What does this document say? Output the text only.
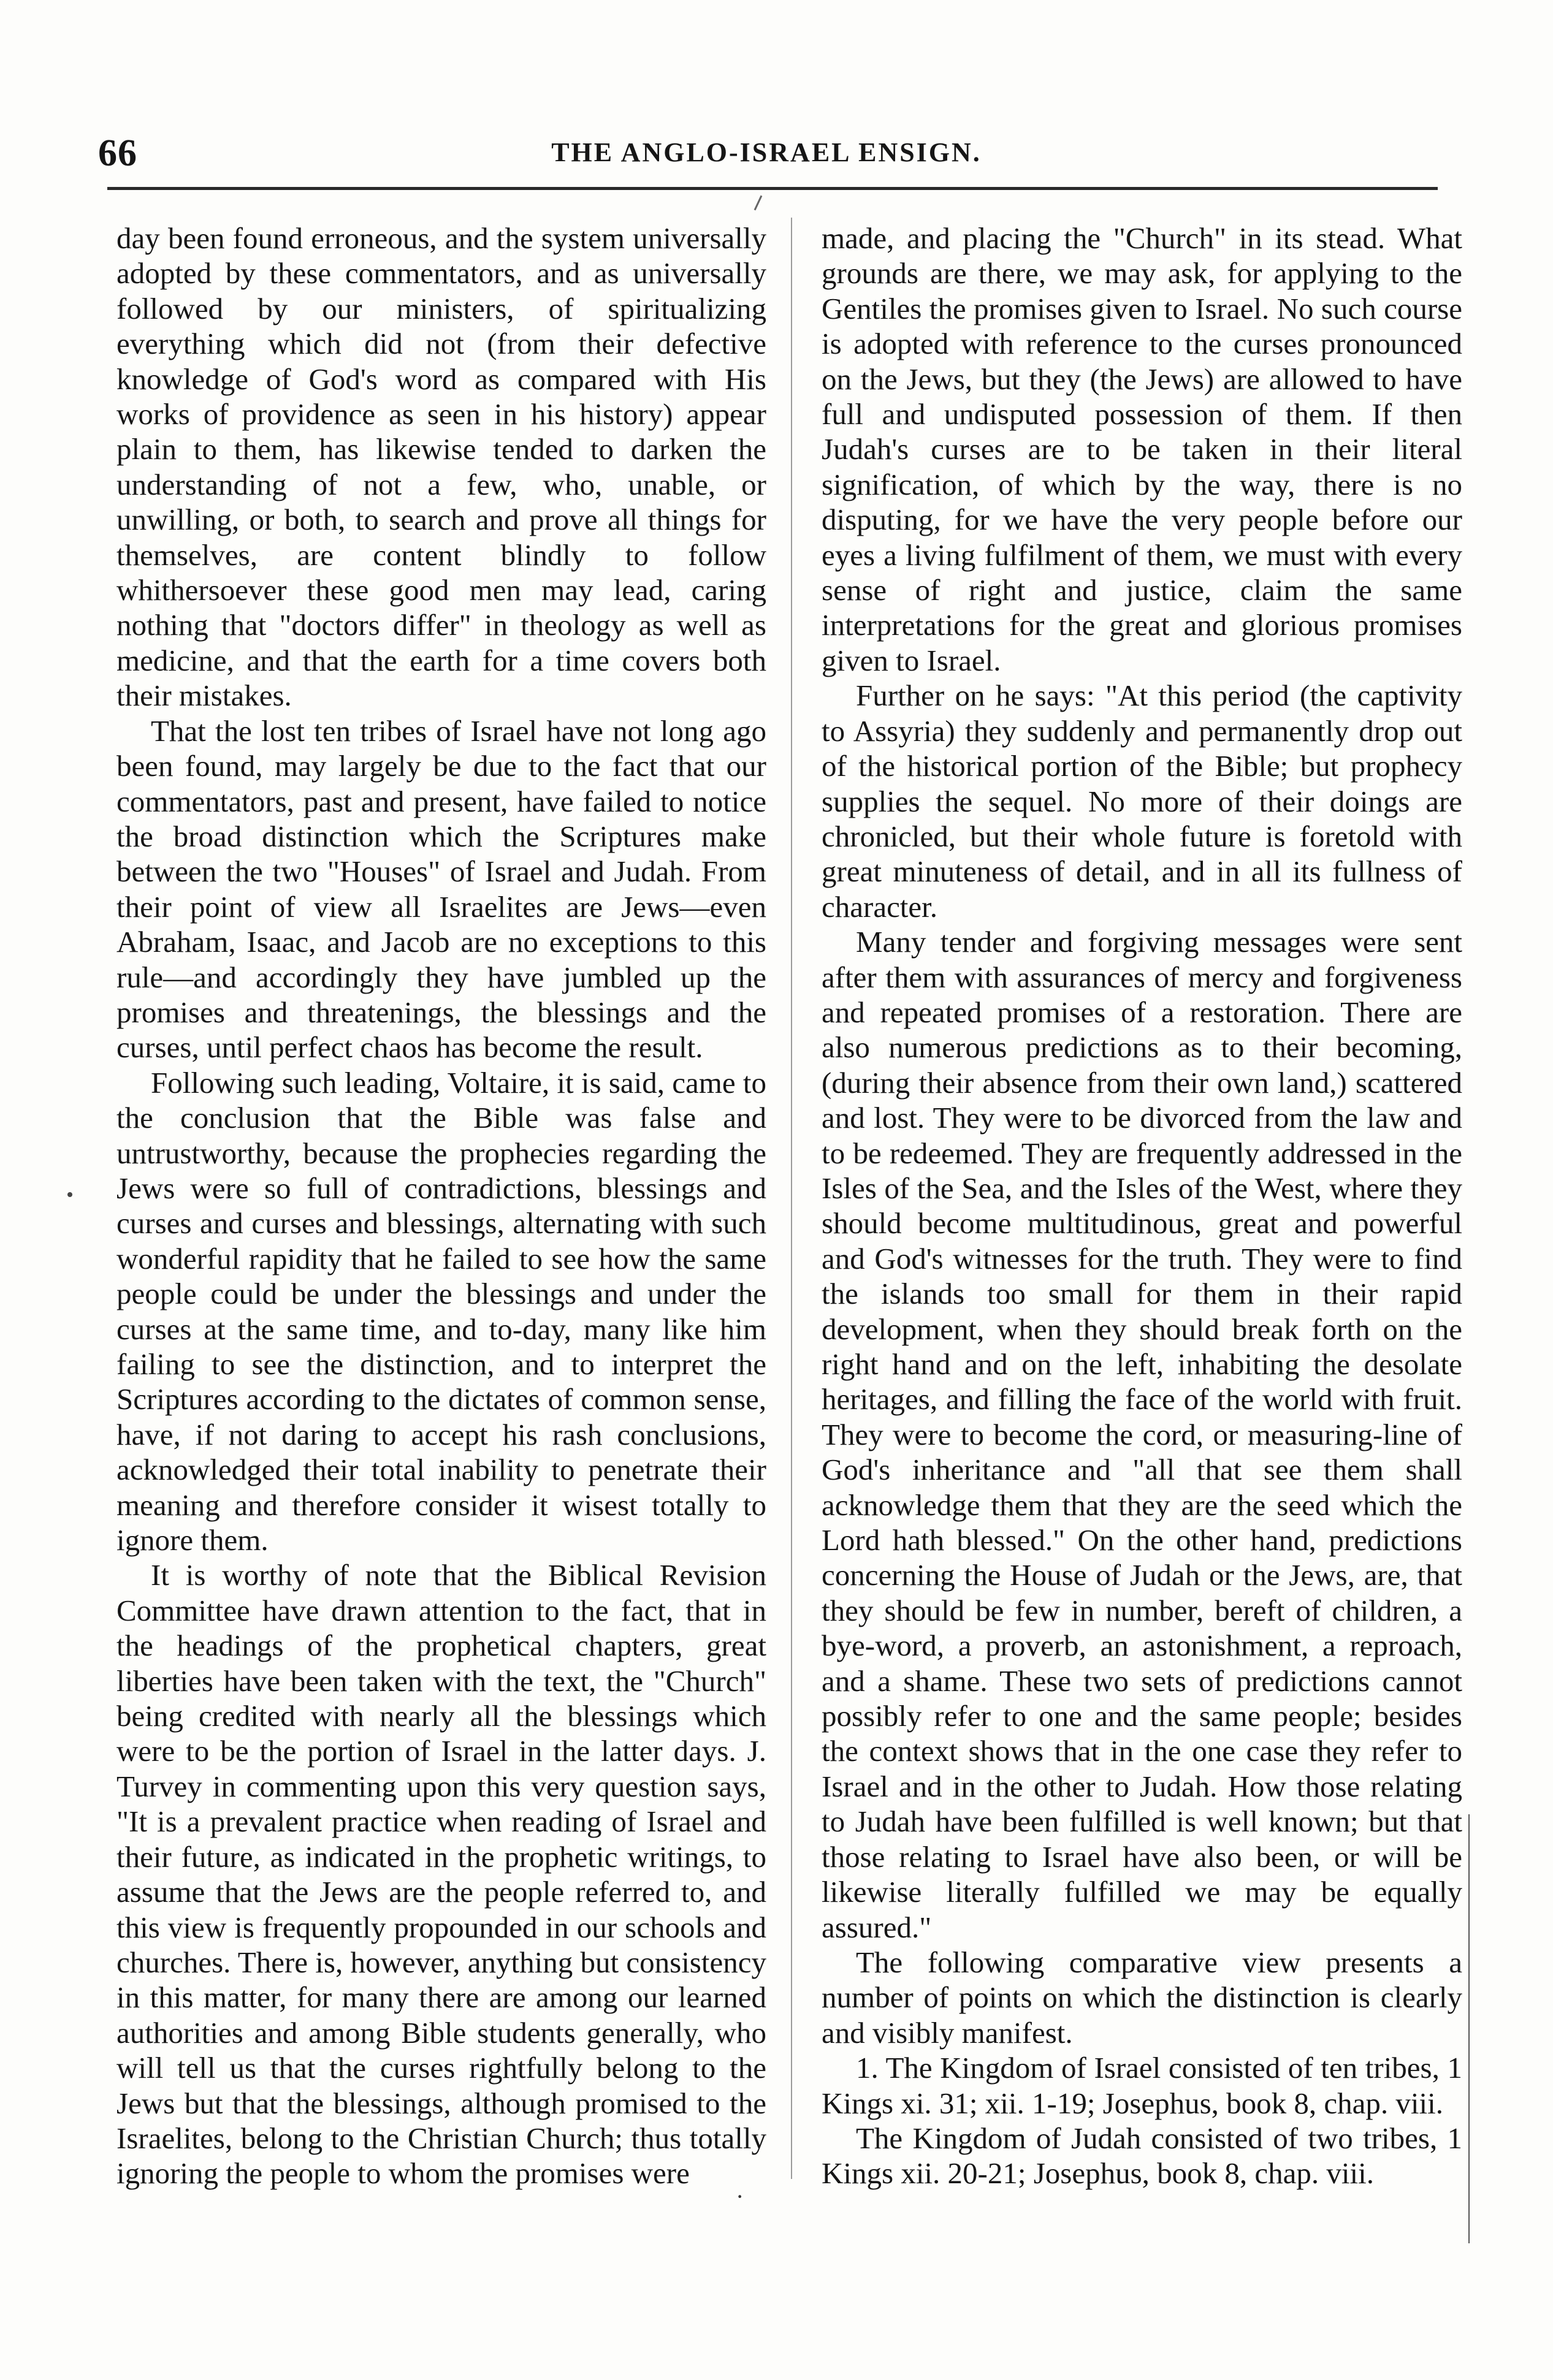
66	THE ANGLO-ISRAEL ENSIGN.

day been found erroneous, and the system universally adopted by these commentators, and as universally followed by our ministers, of spiritualizing everything which did not (from their defective knowledge of God's word as compared with His works of providence as seen in his history) appear plain to them, has likewise tended to darken the understanding of not a few, who, unable, or unwilling, or both, to search and prove all things for themselves, are content blindly to follow whithersoever these good men may lead, caring nothing that "doctors differ" in theology as well as medicine, and that the earth for a time covers both their mistakes.

That the lost ten tribes of Israel have not long ago been found, may largely be due to the fact that our commentators, past and present, have failed to notice the broad distinction which the Scriptures make between the two "Houses" of Israel and Judah. From their point of view all Israelites are Jews—even Abraham, Isaac, and Jacob are no exceptions to this rule—and accordingly they have jumbled up the promises and threatenings, the blessings and the curses, until perfect chaos has become the result.

Following such leading, Voltaire, it is said, came to the conclusion that the Bible was false and untrustworthy, because the prophecies regarding the Jews were so full of contradictions, blessings and curses and curses and blessings, alternating with such wonderful rapidity that he failed to see how the same people could be under the blessings and under the curses at the same time, and to-day, many like him failing to see the distinction, and to interpret the Scriptures according to the dictates of common sense, have, if not daring to accept his rash conclusions, acknowledged their total inability to penetrate their meaning and therefore consider it wisest totally to ignore them.

It is worthy of note that the Biblical Revision Committee have drawn attention to the fact, that in the headings of the prophetical chapters, great liberties have been taken with the text, the "Church" being credited with nearly all the blessings which were to be the portion of Israel in the latter days. J. Turvey in commenting upon this very question says, "It is a prevalent practice when reading of Israel and their future, as indicated in the prophetic writings, to assume that the Jews are the people referred to, and this view is frequently propounded in our schools and churches. There is, however, anything but consistency in this matter, for many there are among our learned authorities and among Bible students generally, who will tell us that the curses rightfully belong to the Jews but that the blessings, although promised to the Israelites, belong to the Christian Church; thus totally ignoring the people to whom the promises were

made, and placing the "Church" in its stead. What grounds are there, we may ask, for applying to the Gentiles the promises given to Israel. No such course is adopted with reference to the curses pronounced on the Jews, but they (the Jews) are allowed to have full and undisputed possession of them. If then Judah's curses are to be taken in their literal signification, of which by the way, there is no disputing, for we have the very people before our eyes a living fulfilment of them, we must with every sense of right and justice, claim the same interpretations for the great and glorious promises given to Israel.

Further on he says: "At this period (the captivity to Assyria) they suddenly and permanently drop out of the historical portion of the Bible; but prophecy supplies the sequel. No more of their doings are chronicled, but their whole future is foretold with great minuteness of detail, and in all its fullness of character.

Many tender and forgiving messages were sent after them with assurances of mercy and forgiveness and repeated promises of a restoration. There are also numerous predictions as to their becoming, (during their absence from their own land,) scattered and lost. They were to be divorced from the law and to be redeemed. They are frequently addressed in the Isles of the Sea, and the Isles of the West, where they should become multitudinous, great and powerful and God's witnesses for the truth. They were to find the islands too small for them in their rapid development, when they should break forth on the right hand and on the left, inhabiting the desolate heritages, and filling the face of the world with fruit. They were to become the cord, or measuring-line of God's inheritance and "all that see them shall acknowledge them that they are the seed which the Lord hath blessed." On the other hand, predictions concerning the House of Judah or the Jews, are, that they should be few in number, bereft of children, a bye-word, a proverb, an astonishment, a reproach, and a shame. These two sets of predictions cannot possibly refer to one and the same people; besides the context shows that in the one case they refer to Israel and in the other to Judah. How those relating to Judah have been fulfilled is well known; but that those relating to Israel have also been, or will be likewise literally fulfilled we may be equally assured."

The following comparative view presents a number of points on which the distinction is clearly and visibly manifest.

1. The Kingdom of Israel consisted of ten tribes, 1 Kings xi. 31; xii. 1-19; Josephus, book 8, chap. viii.

The Kingdom of Judah consisted of two tribes, 1 Kings xii. 20-21; Josephus, book 8, chap. viii.

·
